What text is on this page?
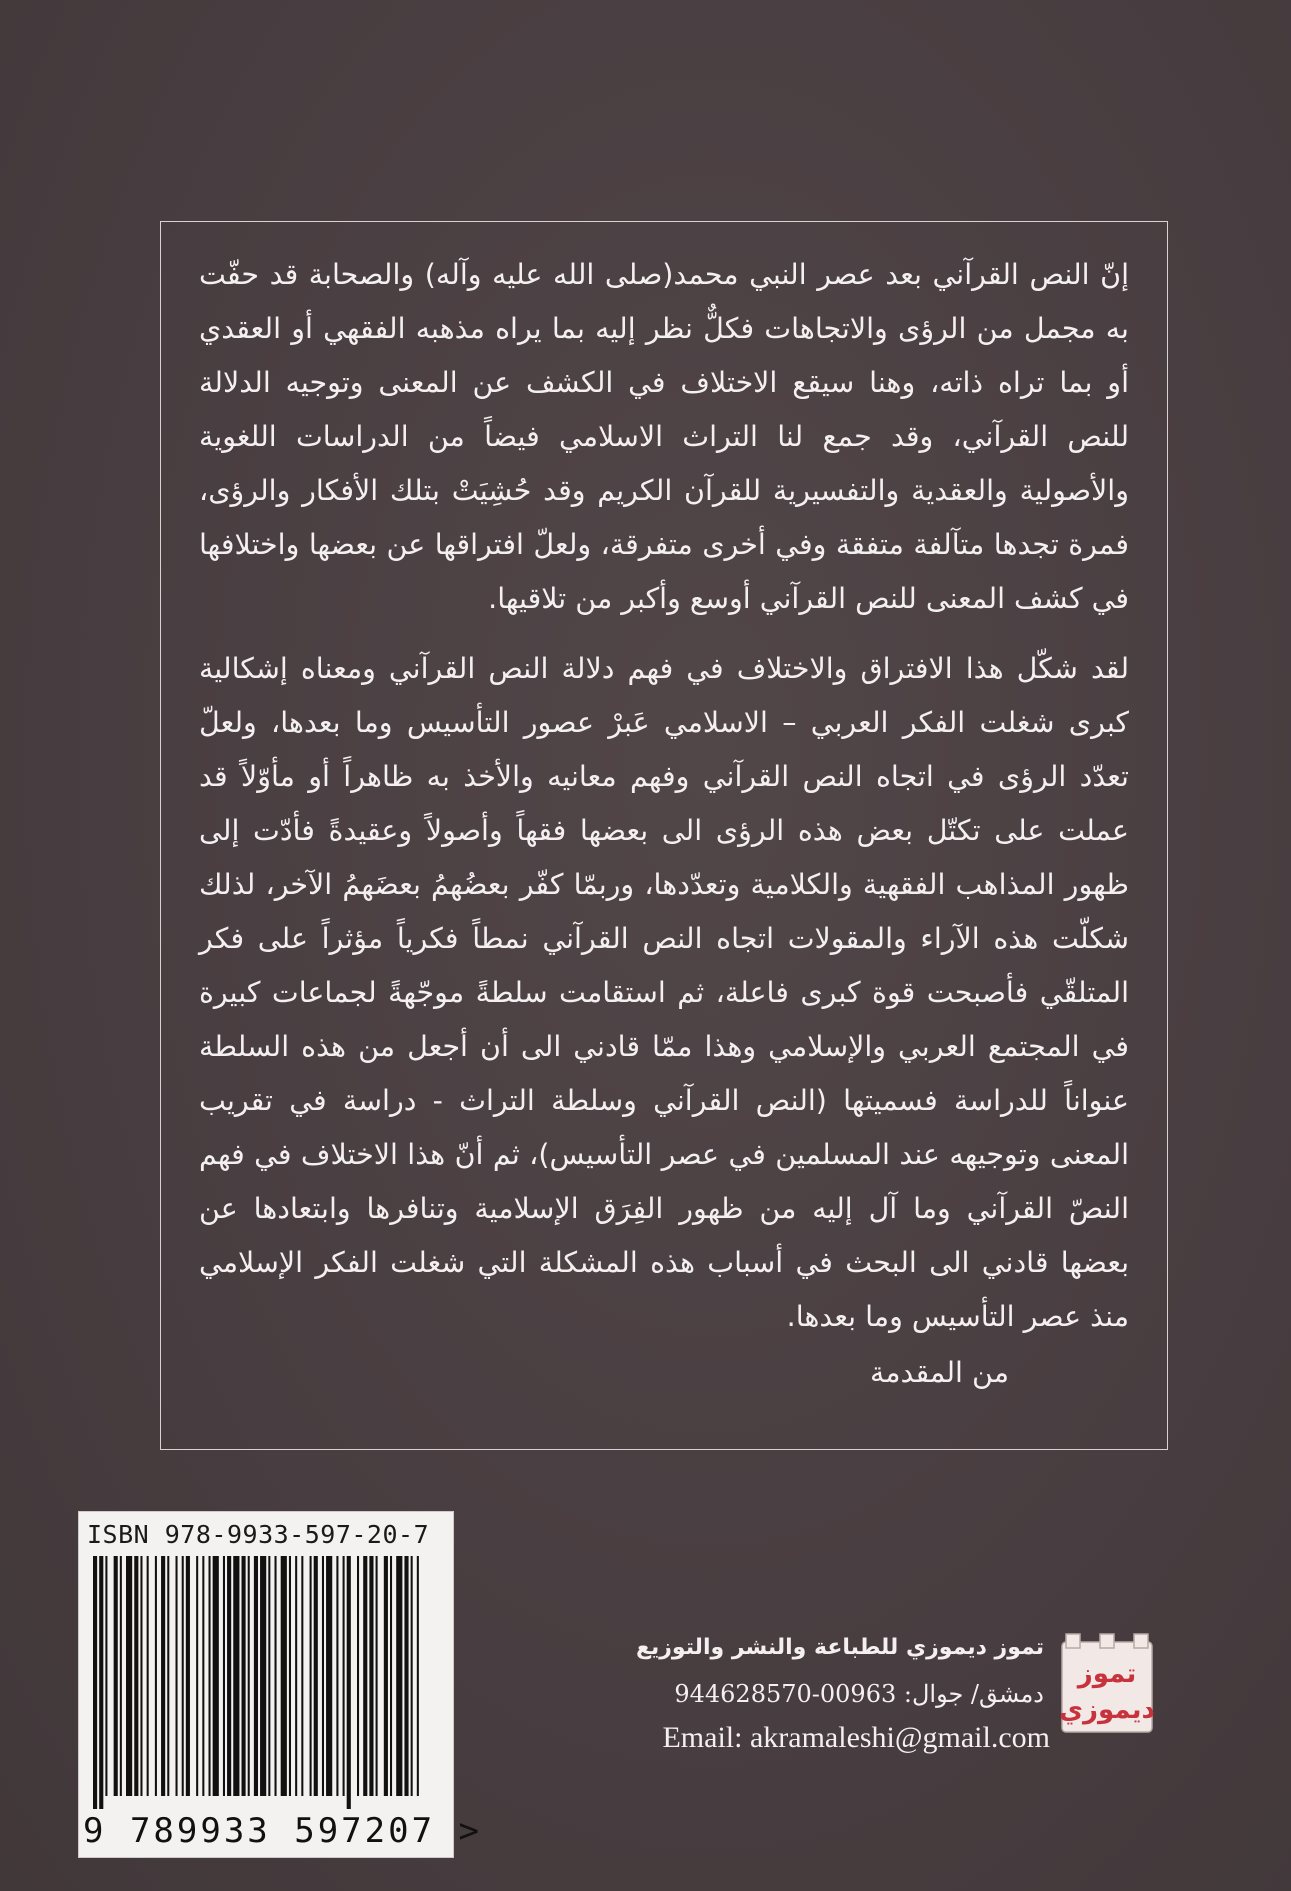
إنّ النص القرآني بعد عصر النبي محمد(صلى الله عليه وآله) والصحابة قد حفّت به مجمل من الرؤى والاتجاهات فكلٌّ نظر إليه بما يراه مذهبه الفقهي أو العقدي أو بما تراه ذاته، وهنا سيقع الاختلاف في الكشف عن المعنى وتوجيه الدلالة للنص القرآني، وقد جمع لنا التراث الاسلامي فيضاً من الدراسات اللغوية والأصولية والعقدية والتفسيرية للقرآن الكريم وقد حُشِيَتْ بتلك الأفكار والرؤى، فمرة تجدها متآلفة متفقة وفي أخرى متفرقة، ولعلّ افتراقها عن بعضها واختلافها في كشف المعنى للنص القرآني أوسع وأكبر من تلاقيها.

لقد شكّل هذا الافتراق والاختلاف في فهم دلالة النص القرآني ومعناه إشكالية كبرى شغلت الفكر العربي – الاسلامي عَبرْ عصور التأسيس وما بعدها، ولعلّ تعدّد الرؤى في اتجاه النص القرآني وفهم معانيه والأخذ به ظاهراً أو مأوّلاً قد عملت على تكتّل بعض هذه الرؤى الى بعضها فقهاً وأصولاً وعقيدةً فأدّت إلى ظهور المذاهب الفقهية والكلامية وتعدّدها، وربمّا كفّر بعضُهمُ بعضَهمُ الآخر، لذلك شكلّت هذه الآراء والمقولات اتجاه النص القرآني نمطاً فكرياً مؤثراً على فكر المتلقّي فأصبحت قوة كبرى فاعلة، ثم استقامت سلطةً موجّهةً لجماعات كبيرة في المجتمع العربي والإسلامي وهذا ممّا قادني الى أن أجعل من هذه السلطة عنواناً للدراسة فسميتها (النص القرآني وسلطة التراث - دراسة في تقريب المعنى وتوجيهه عند المسلمين في عصر التأسيس)، ثم أنّ هذا الاختلاف في فهم النصّ القرآني وما آل إليه من ظهور الفِرَق الإسلامية وتنافرها وابتعادها عن بعضها قادني الى البحث في أسباب هذه المشكلة التي شغلت الفكر الإسلامي منذ عصر التأسيس وما بعدها.

من المقدمة

ISBN 978-9933-597-20-7
9 789933 597207 >
تموز ديموزي للطباعة والنشر والتوزيع
دمشق/ جوال: 00963-944628570
Email: akramaleshi@gmail.com
تموز
ديموزي
